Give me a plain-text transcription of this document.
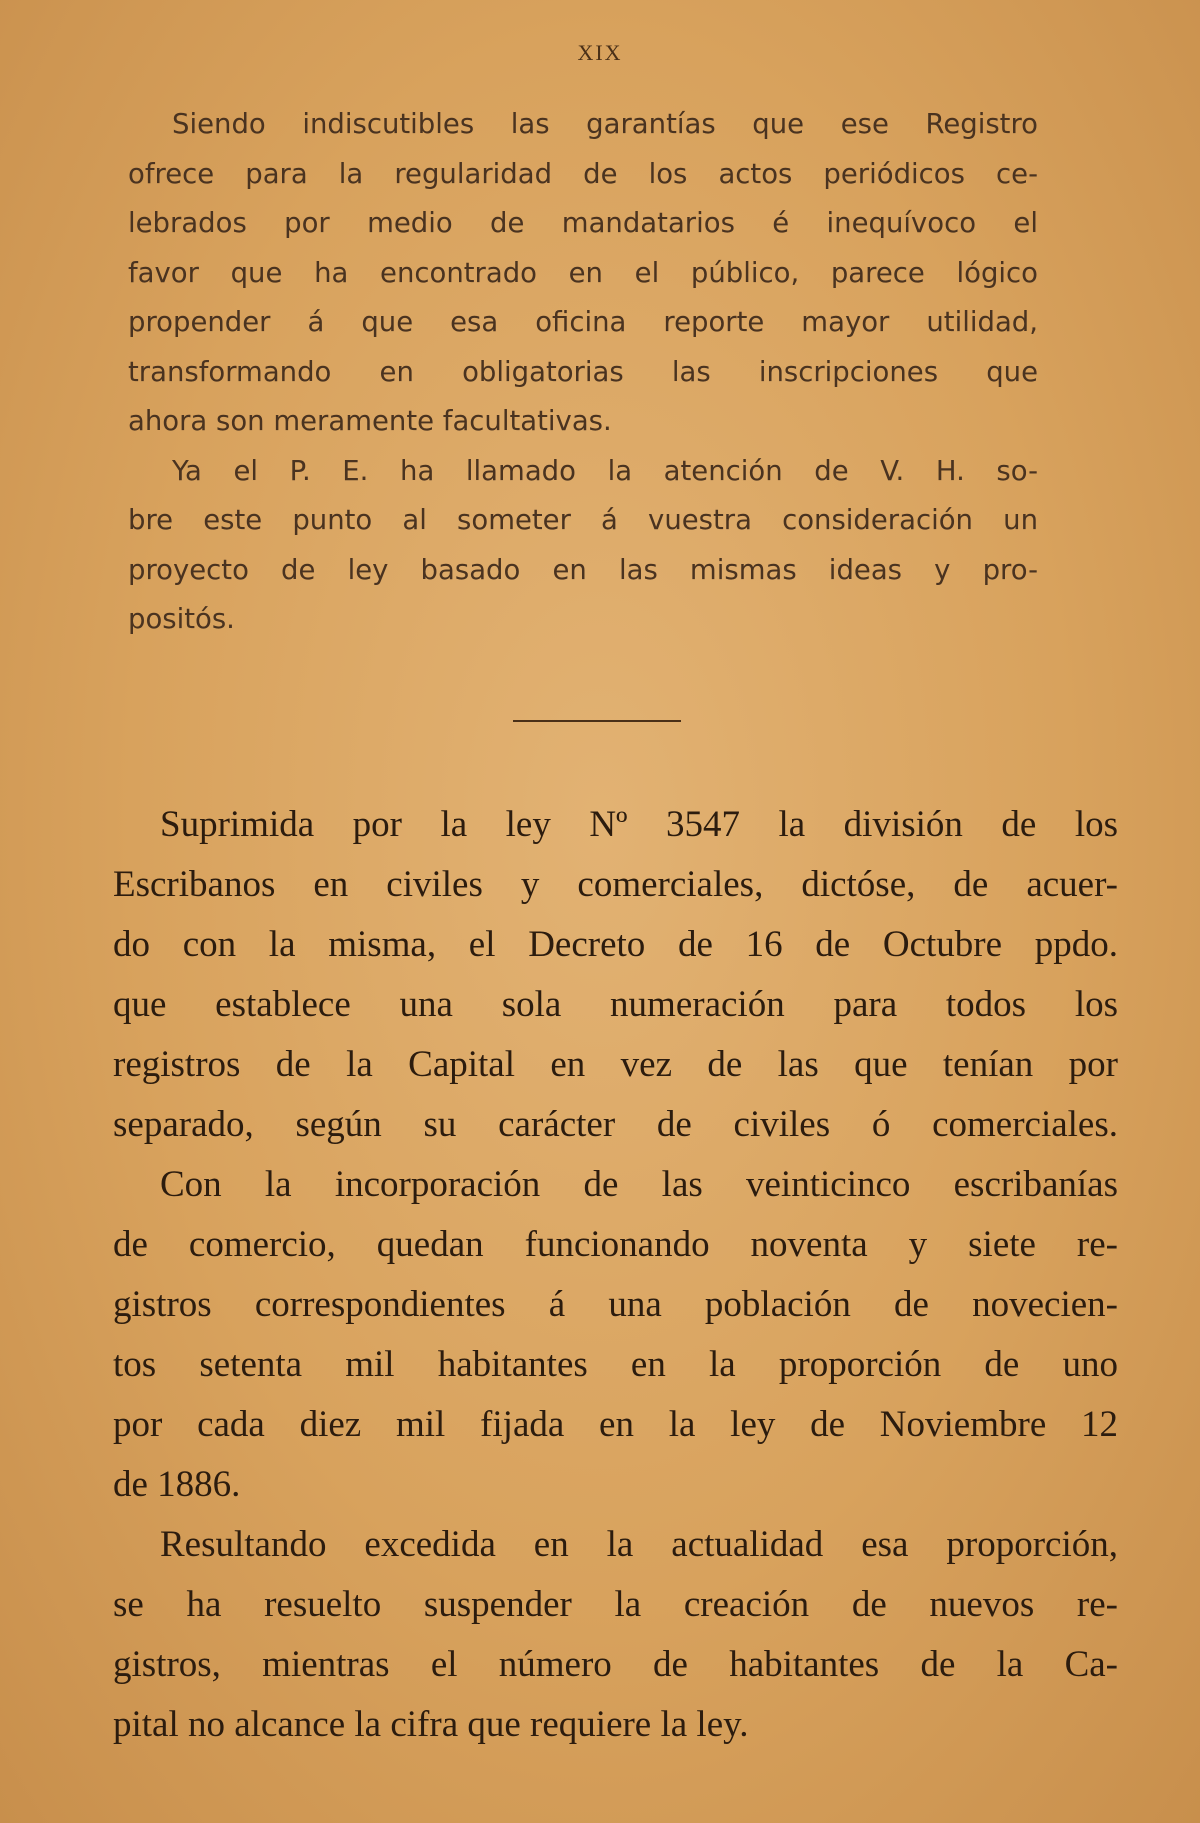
XIX
Siendo indiscutibles las garantías que ese Registro
ofrece para la regularidad de los actos periódicos ce-
lebrados por medio de mandatarios é inequívoco el
favor que ha encontrado en el público, parece lógico
propender á que esa oficina reporte mayor utilidad,
transformando en obligatorias las inscripciones que
ahora son meramente facultativas.
Ya el P. E. ha llamado la atención de V. H. so-
bre este punto al someter á vuestra consideración un
proyecto de ley basado en las mismas ideas y pro-
positós.
Suprimida por la ley Nº 3547 la división de los
Escribanos en civiles y comerciales, dictóse, de acuer-
do con la misma, el Decreto de 16 de Octubre ppdo.
que establece una sola numeración para todos los
registros de la Capital en vez de las que tenían por
separado, según su carácter de civiles ó comerciales.
Con la incorporación de las veinticinco escribanías
de comercio, quedan funcionando noventa y siete re-
gistros correspondientes á una población de novecien-
tos setenta mil habitantes en la proporción de uno
por cada diez mil fijada en la ley de Noviembre 12
de 1886.
Resultando excedida en la actualidad esa proporción,
se ha resuelto suspender la creación de nuevos re-
gistros, mientras el número de habitantes de la Ca-
pital no alcance la cifra que requiere la ley.
